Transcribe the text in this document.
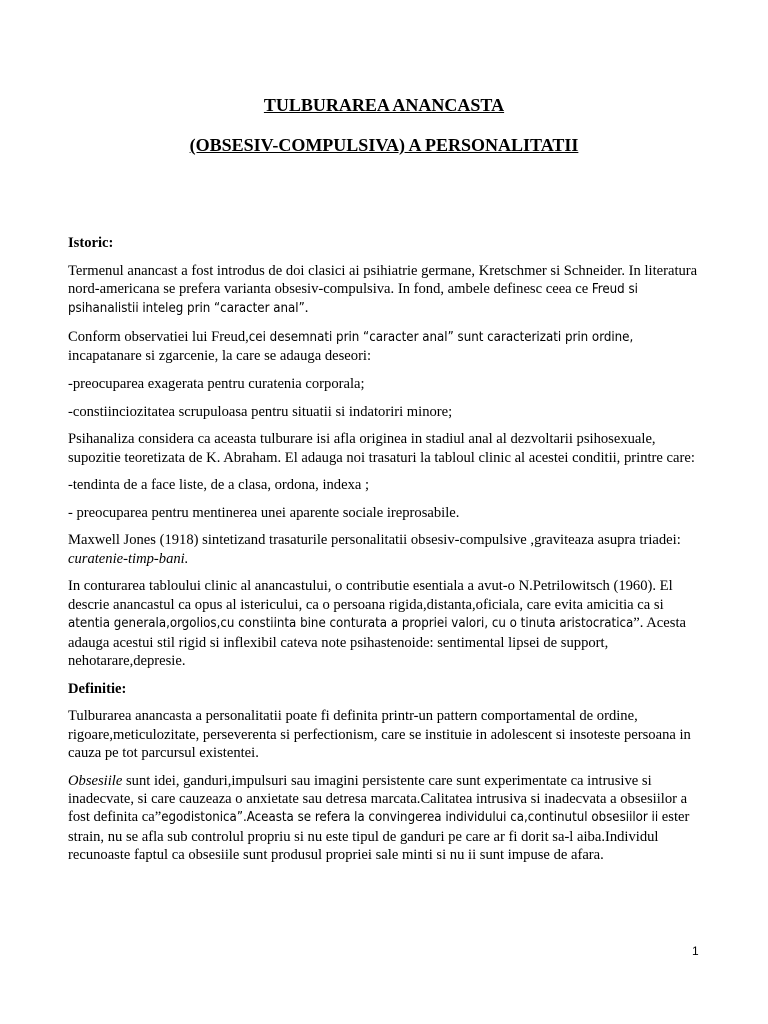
TULBURAREA ANANCASTA
(OBSESIV-COMPULSIVA) A PERSONALITATII

Istoric:

Termenul anancast a fost introdus de doi clasici ai psihiatrie germane, Kretschmer si Schneider. In literatura nord-americana se prefera varianta obsesiv-compulsiva. In fond, ambele definesc ceea ce Freud si psihanalistii inteleg prin “caracter anal”.

Conform observatiei lui Freud,cei desemnati prin “caracter anal” sunt caracterizati prin ordine, incapatanare si zgarcenie, la care se adauga deseori:

-preocuparea exagerata pentru curatenia corporala;

-constiinciozitatea scrupuloasa pentru situatii si indatoriri minore;

Psihanaliza considera ca aceasta tulburare isi afla originea in stadiul anal al dezvoltarii psihosexuale, supozitie teoretizata de K. Abraham. El adauga noi trasaturi la tabloul clinic al acestei conditii, printre care:

-tendinta de a face liste, de a clasa, ordona, indexa ;

- preocuparea pentru mentinerea unei aparente sociale ireprosabile.

Maxwell Jones (1918) sintetizand trasaturile personalitatii obsesiv-compulsive ,graviteaza asupra triadei: curatenie-timp-bani.

In conturarea tabloului clinic al anancastului, o contributie esentiala a avut-o N.Petrilowitsch (1960). El descrie anancastul ca opus al istericului, ca o persoana rigida,distanta,oficiala, care evita amicitia ca si atentia generala,orgolios,cu constiinta bine conturata a propriei valori, cu o tinuta aristocratica”. Acesta adauga acestui stil rigid si inflexibil cateva note psihastenoide: sentimental lipsei de support, nehotarare,depresie.

Definitie:

Tulburarea anancasta a personalitatii poate fi definita printr-un pattern comportamental de ordine, rigoare,meticulozitate, perseverenta si perfectionism, care se instituie in adolescent si insoteste persoana in cauza pe tot parcursul existentei.

Obsesiile sunt idei, ganduri,impulsuri sau imagini persistente care sunt experimentate ca intrusive si inadecvate, si care cauzeaza o anxietate sau detresa marcata.Calitatea intrusiva si inadecvata a obsesiilor a fost definita ca”egodistonica”.Aceasta se refera la convingerea individului ca,continutul obsesiilor ii ester strain, nu se afla sub controlul propriu si nu este tipul de ganduri pe care ar fi dorit sa-l aiba.Individul recunoaste faptul ca obsesiile sunt produsul propriei sale minti si nu ii sunt impuse de afara.

1
